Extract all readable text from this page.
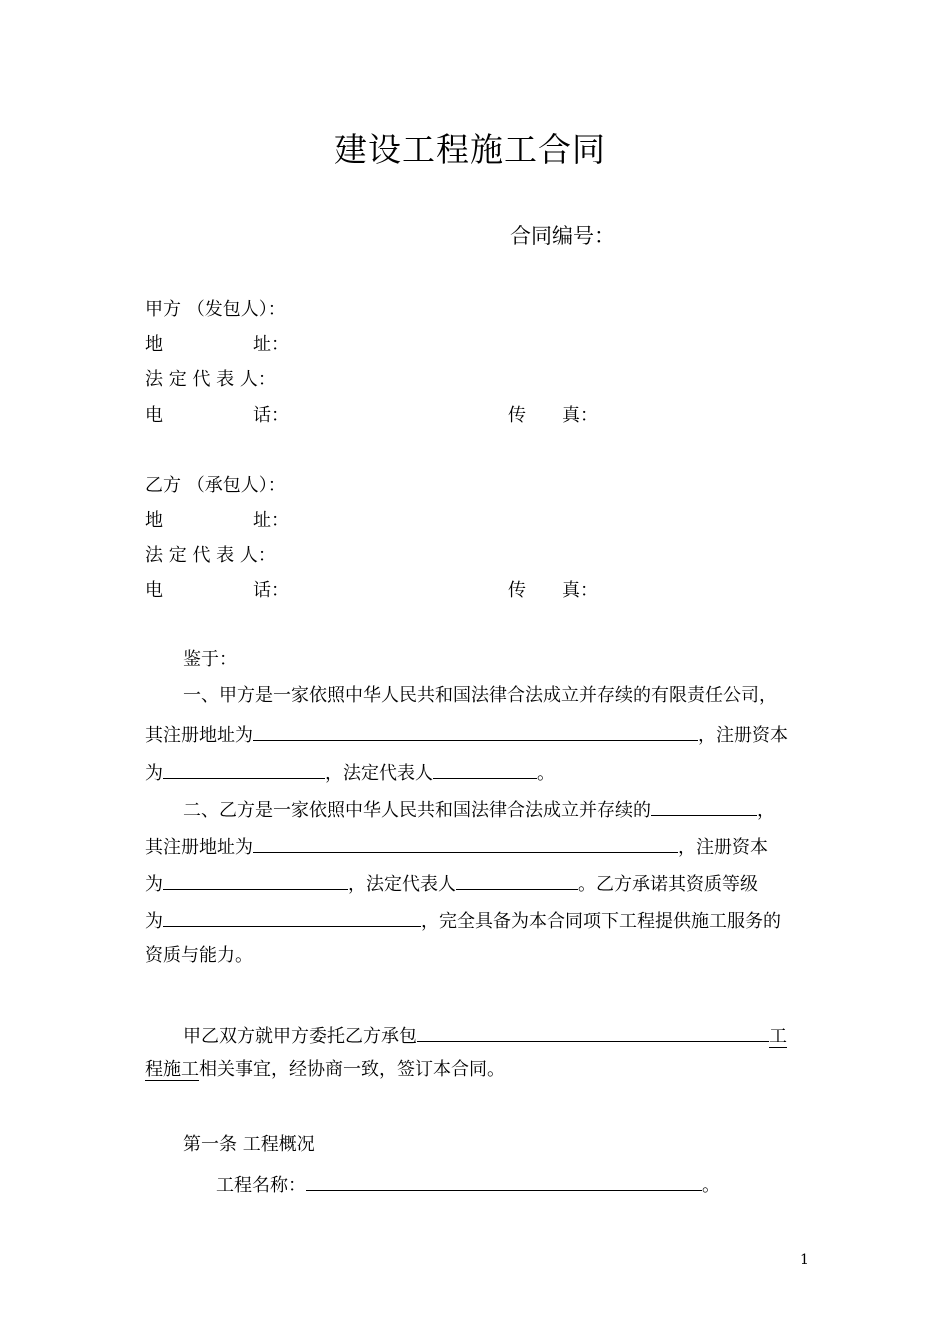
建设工程施工合同
合同编号：
甲方 （发包人）：
地　　　　　址：
法 定 代 表 人：
电　　　　　话：	传　　真：
乙方 （承包人）：
地　　　　　址：
法 定 代 表 人：
电　　　　　话：	传　　真：
鉴于：
一、甲方是一家依照中华人民共和国法律合法成立并存续的有限责任公司，
其注册地址为	，注册资本
为	，法定代表人	。
二、乙方是一家依照中华人民共和国法律合法成立并存续的	，
其注册地址为	，注册资本
为	，法定代表人	。乙方承诺其资质等级
为	，完全具备为本合同项下工程提供施工服务的
资质与能力。
甲乙双方就甲方委托乙方承包	工
程施工相关事宜，经协商一致，签订本合同。
第一条 工程概况
工程名称：	。
1
